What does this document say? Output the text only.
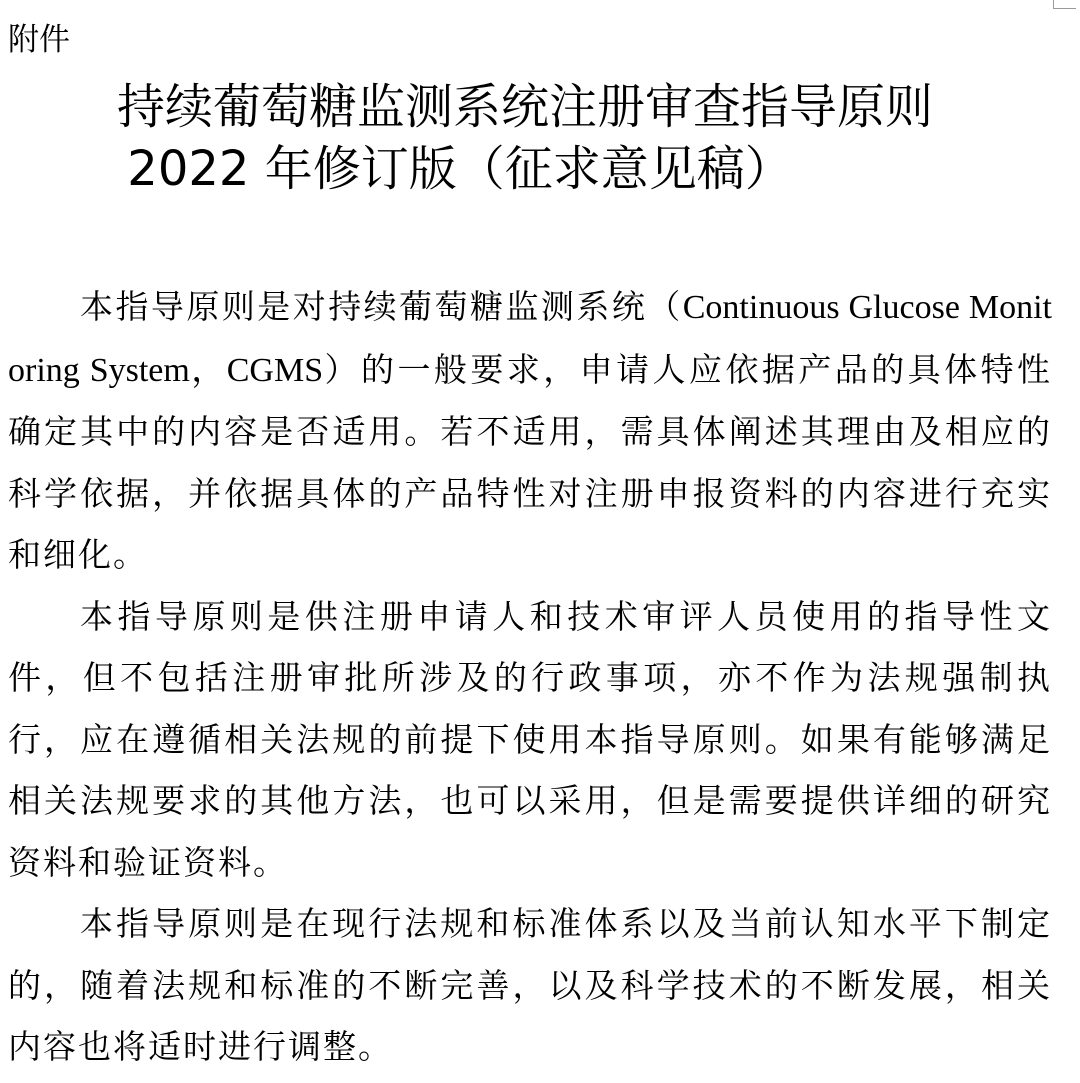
附件
持续葡萄糖监测系统注册审查指导原则
2022 年修订版（征求意见稿）

本指导原则是对持续葡萄糖监测系统（Continuous Glucose Monitoring System，CGMS）的一般要求，申请人应依据产品的具体特性确定其中的内容是否适用。若不适用，需具体阐述其理由及相应的科学依据，并依据具体的产品特性对注册申报资料的内容进行充实和细化。

本指导原则是供注册申请人和技术审评人员使用的指导性文件，但不包括注册审批所涉及的行政事项，亦不作为法规强制执行，应在遵循相关法规的前提下使用本指导原则。如果有能够满足相关法规要求的其他方法，也可以采用，但是需要提供详细的研究资料和验证资料。

本指导原则是在现行法规和标准体系以及当前认知水平下制定的，随着法规和标准的不断完善，以及科学技术的不断发展，相关内容也将适时进行调整。
